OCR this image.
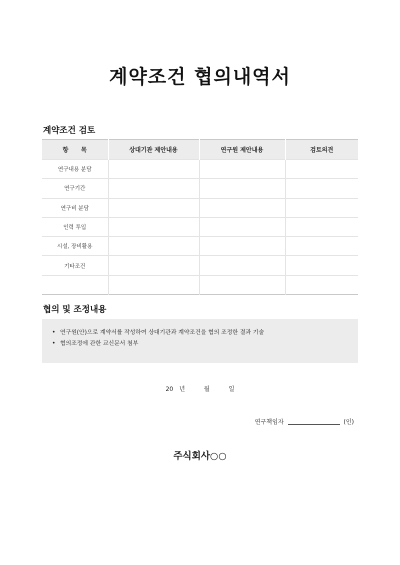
계약조건 협의내역서
계약조건 검토
항      목	상대기관 제안내용	연구원 제안내용	검토의견
연구내용 분담			
연구기간			
연구비 분담			
인력 투입			
시설, 장비활용			
기타조건			

협의 및 조정내용
• 연구원(안)으로 계약서를 작성하여 상대기관과 계약조건을 협의 조정한 결과 기술
• 협의조정에 관한 교신문서 첨부
20 년	월	일
연구책임자	(인)
주식회사○○
